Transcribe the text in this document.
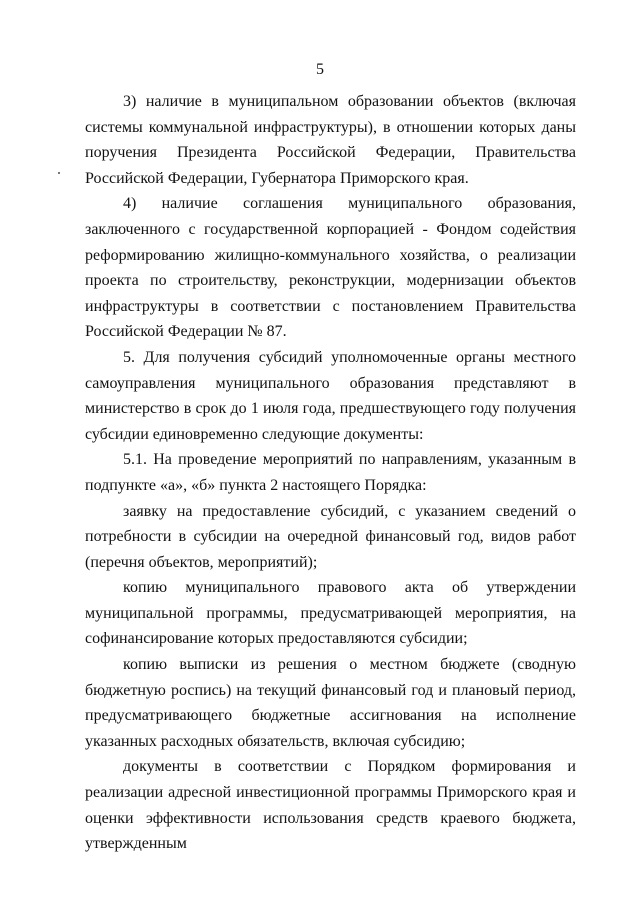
5

3) наличие в муниципальном образовании объектов (включая системы коммунальной инфраструктуры), в отношении которых даны поручения Президента Российской Федерации, Правительства Российской Федерации, Губернатора Приморского края.

4) наличие соглашения муниципального образования, заключенного с государственной корпорацией - Фондом содействия реформированию жилищно-коммунального хозяйства, о реализации проекта по строительству, реконструкции, модернизации объектов инфраструктуры в соответствии с постановлением Правительства Российской Федерации № 87.

5. Для получения субсидий уполномоченные органы местного самоуправления муниципального образования представляют в министерство в срок до 1 июля года, предшествующего году получения субсидии единовременно следующие документы:

5.1. На проведение мероприятий по направлениям, указанным в подпункте «а», «б» пункта 2 настоящего Порядка:

заявку на предоставление субсидий, с указанием сведений о потребности в субсидии на очередной финансовый год, видов работ (перечня объектов, мероприятий);

копию муниципального правового акта об утверждении муниципальной программы, предусматривающей мероприятия, на софинансирование которых предоставляются субсидии;

копию выписки из решения о местном бюджете (сводную бюджетную роспись) на текущий финансовый год и плановый период, предусматривающего бюджетные ассигнования на исполнение указанных расходных обязательств, включая субсидию;

документы в соответствии с Порядком формирования и реализации адресной инвестиционной программы Приморского края и оценки эффективности использования средств краевого бюджета, утвержденным
